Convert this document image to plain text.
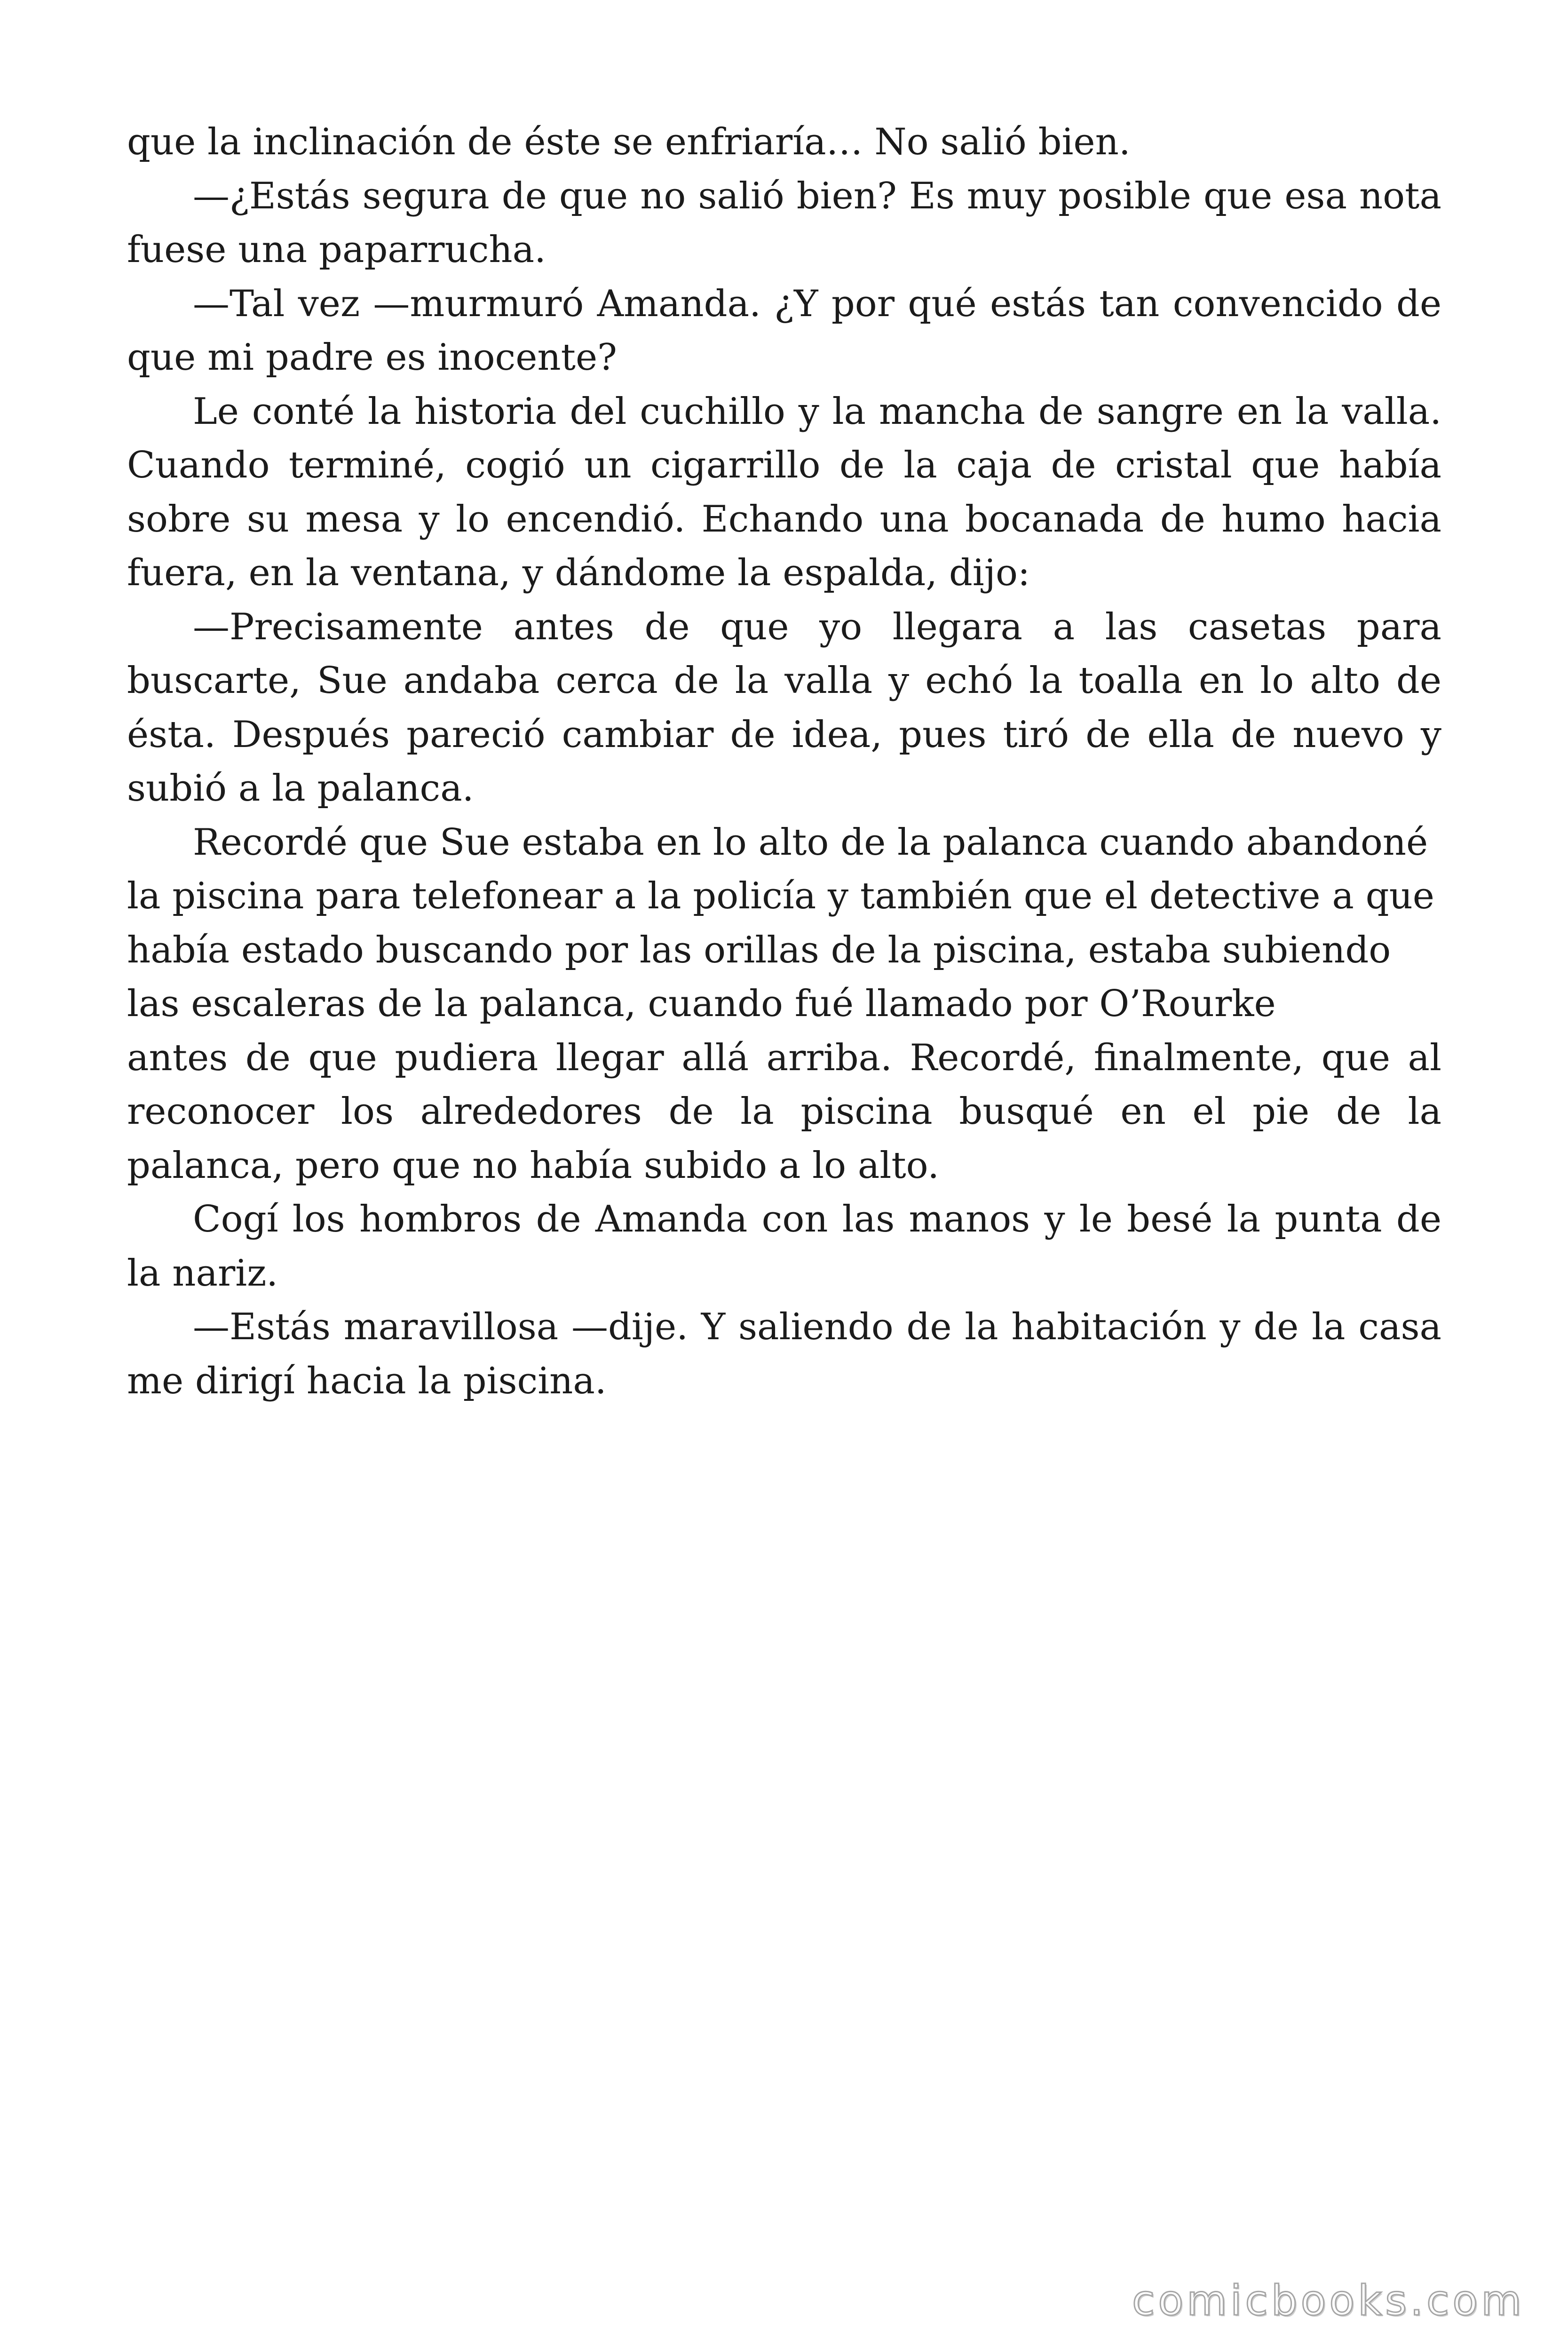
que la inclinación de éste se enfriaría… No salió bien.

—¿Estás segura de que no salió bien? Es muy posible que esa nota fuese una paparrucha.

—Tal vez —murmuró Amanda. ¿Y por qué estás tan convencido de que mi padre es inocente?

Le conté la historia del cuchillo y la mancha de sangre en la valla. Cuando terminé, cogió un cigarrillo de la caja de cristal que había sobre su mesa y lo encendió. Echando una bocanada de humo hacia fuera, en la ventana, y dándome la espalda, dijo:

—Precisamente antes de que yo llegara a las casetas para buscarte, Sue andaba cerca de la valla y echó la toalla en lo alto de ésta. Después pareció cambiar de idea, pues tiró de ella de nuevo y subió a la palanca.

Recordé que Sue estaba en lo alto de la palanca cuando abandoné la piscina para telefonear a la policía y también que el detective a que había estado buscando por las orillas de la piscina, estaba subiendo las escaleras de la palanca, cuando fué llamado por O’Rourke

antes de que pudiera llegar allá arriba. Recordé, finalmente, que al reconocer los alrededores de la piscina busqué en el pie de la palanca, pero que no había subido a lo alto.

Cogí los hombros de Amanda con las manos y le besé la punta de la nariz.

—Estás maravillosa —dije. Y saliendo de la habitación y de la casa me dirigí hacia la piscina.

comicbooks.com
